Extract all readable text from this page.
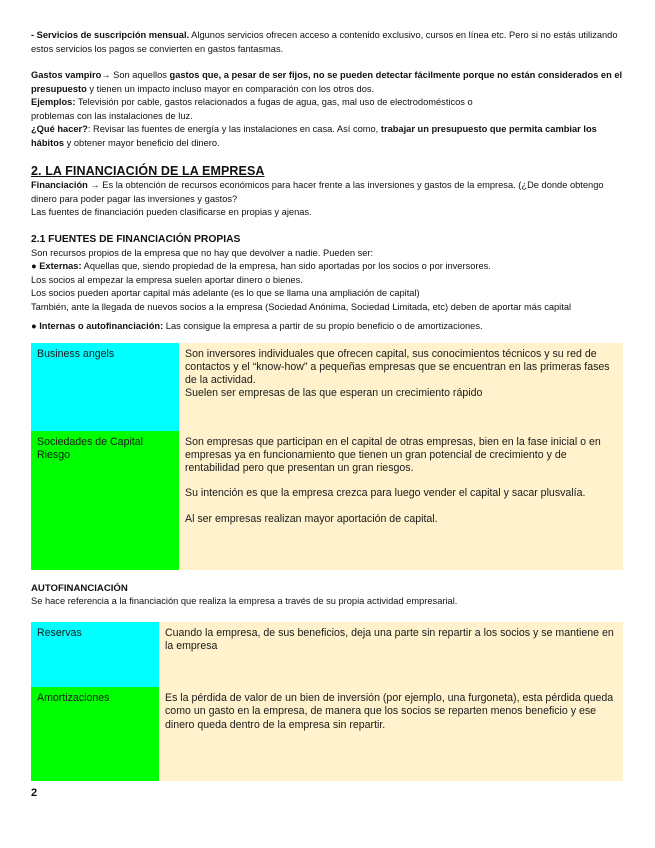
- Servicios de suscripción mensual. Algunos servicios ofrecen acceso a contenido exclusivo, cursos en línea etc. Pero si no estás utilizando estos servicios los pagos se convierten en gastos fantasmas.

Gastos vampiro→ Son aquellos gastos que, a pesar de ser fijos, no se pueden detectar fácilmente porque no están considerados en el presupuesto y tienen un impacto incluso mayor en comparación con los otros dos.

Ejemplos: Televisión por cable, gastos relacionados a fugas de agua, gas, mal uso de electrodomésticos o

problemas con las instalaciones de luz.

¿Qué hacer?: Revisar las fuentes de energía y las instalaciones en casa. Así como, trabajar un presupuesto que permita cambiar los hábitos y obtener mayor beneficio del dinero.

2. LA FINANCIACIÓN DE LA EMPRESA

Financiación → Es la obtención de recursos económicos para hacer frente a las inversiones y gastos de la empresa. (¿De donde obtengo dinero para poder pagar las inversiones y gastos?

Las fuentes de financiación pueden clasificarse en propias y ajenas.

2.1 FUENTES DE FINANCIACIÓN PROPIAS

Son recursos propios de la empresa que no hay que devolver a nadie. Pueden ser:

● Externas: Aquellas que, siendo propiedad de la empresa, han sido aportadas por los socios o por inversores.

Los socios al empezar la empresa suelen aportar dinero o bienes.

Los socios pueden aportar capital más adelante (es lo que se llama una ampliación de capital)

También, ante la llegada de nuevos socios a la empresa (Sociedad Anónima, Sociedad Limitada, etc) deben de aportar más capital

● Internas o autofinanciación: Las consigue la empresa a partir de su propio beneficio o de amortizaciones.

Business angels	Son inversores individuales que ofrecen capital, sus conocimientos técnicos y su red de contactos y el “know-how” a pequeñas empresas que se encuentran en las primeras fases de la actividad.

Suelen ser empresas de las que esperan un crecimiento rápido

Sociedades de Capital Riesgo	Son empresas que participan en el capital de otras empresas, bien en la fase inicial o en empresas ya en funcionamiento que tienen un gran potencial de crecimiento y de rentabilidad pero que presentan un gran riesgos.

Su intención es que la empresa crezca para luego vender el capital y sacar plusvalía.

Al ser empresas realizan mayor aportación de capital.

AUTOFINANCIACIÓN

Se hace referencia a la financiación que realiza la empresa a través de su propia actividad empresarial.

Reservas	Cuando la empresa, de sus beneficios, deja una parte sin repartir a los socios y se mantiene en la empresa
Amortizaciones	Es la pérdida de valor de un bien de inversión (por ejemplo, una furgoneta), esta pérdida queda como un gasto en la empresa, de manera que los socios se reparten menos beneficio y ese dinero queda dentro de la empresa sin repartir.
2
